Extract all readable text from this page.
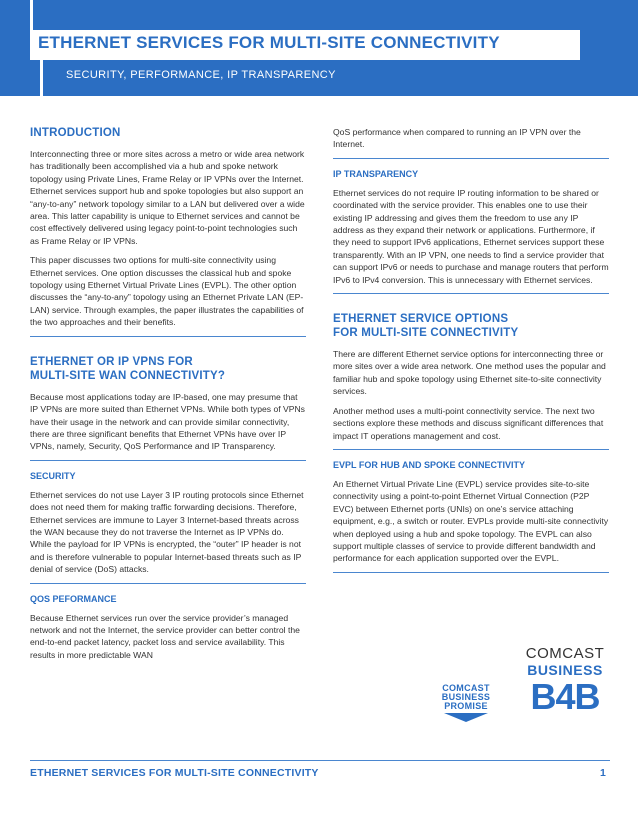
ETHERNET SERVICES FOR MULTI-SITE CONNECTIVITY
SECURITY, PERFORMANCE, IP TRANSPARENCY
INTRODUCTION

Interconnecting three or more sites across a metro or wide area network has traditionally been accomplished via a hub and spoke network topology using Private Lines, Frame Relay or IP VPNs over the Internet. Ethernet services support hub and spoke topologies but also support an “any-to-any” network topology similar to a LAN but delivered over a wide area. This latter capability is unique to Ethernet services and cannot be cost effectively delivered using legacy point-to-point technologies such as Frame Relay or IP VPNs.

This paper discusses two options for multi-site connectivity using Ethernet services. One option discusses the classical hub and spoke topology using Ethernet Virtual Private Lines (EVPL). The other option discusses the “any-to-any” topology using an Ethernet Private LAN (EP-LAN) service. Through examples, the paper illustrates the capabilities of the two approaches and their benefits.

ETHERNET OR IP VPNS FOR
MULTI-SITE WAN CONNECTIVITY?

Because most applications today are IP-based, one may presume that IP VPNs are more suited than Ethernet VPNs. While both types of VPNs have their usage in the network and can provide similar connectivity, there are three significant benefits that Ethernet VPNs have over IP VPNs, namely, Security, QoS Performance and IP Transparency.

SECURITY

Ethernet services do not use Layer 3 IP routing protocols since Ethernet does not need them for making traffic forwarding decisions. Therefore, Ethernet services are immune to Layer 3 Internet-based threats across the WAN because they do not traverse the Internet as IP VPNs do. While the payload for IP VPNs is encrypted, the “outer” IP header is not and is therefore vulnerable to popular Internet-based threats such as IP denial of service (DoS) attacks.

QOS PEFORMANCE

Because Ethernet services run over the service provider’s managed network and not the Internet, the service provider can better control the end-to-end packet latency, packet loss and service availability. This results in more predictable WAN

QoS performance when compared to running an IP VPN over the Internet.

IP TRANSPARENCY

Ethernet services do not require IP routing information to be shared or coordinated with the service provider. This enables one to use their existing IP addressing and gives them the freedom to use any IP address as they expand their network or applications. Furthermore, if they need to support IPv6 applications, Ethernet services support these transparently. With an IP VPN, one needs to find a service provider that can support IPv6 or needs to purchase and manage routers that perform IPv6 to IPv4 conversion. This is unnecessary with Ethernet services.

ETHERNET SERVICE OPTIONS
FOR MULTI-SITE CONNECTIVITY

There are different Ethernet service options for interconnecting three or more sites over a wide area network. One method uses the popular and familiar hub and spoke topology using Ethernet site-to-site connectivity services.

Another method uses a multi-point connectivity service. The next two sections explore these methods and discuss significant differences that impact IT operations management and cost.

EVPL FOR HUB AND SPOKE CONNECTIVITY

An Ethernet Virtual Private Line (EVPL) service provides site-to-site connectivity using a point-to-point Ethernet Virtual Connection (P2P EVC) between Ethernet ports (UNIs) on one’s service attaching equipment, e.g., a switch or router. EVPLs provide multi-site connectivity when deployed using a hub and spoke topology. The EVPL can also support multiple classes of service to provide different bandwidth and performance for each application supported over the EVPL.

COMCAST
BUSINESS
PROMISE
COMCAST
BUSINESS
B4B
ETHERNET SERVICES FOR MULTI-SITE CONNECTIVITY	1
